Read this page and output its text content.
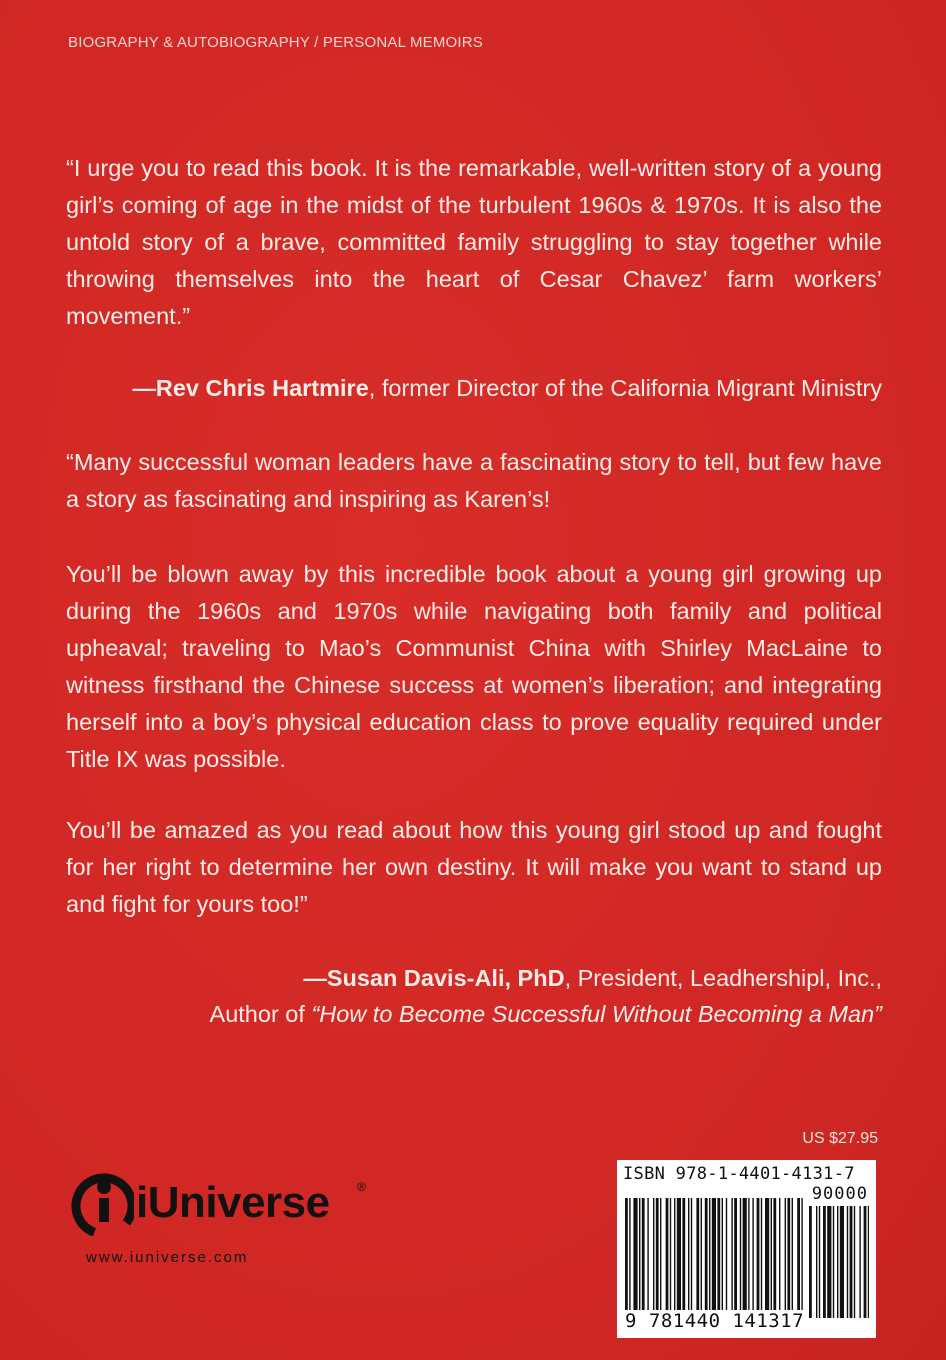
BIOGRAPHY & AUTOBIOGRAPHY / PERSONAL MEMOIRS
“I urge you to read this book. It is the remarkable, well-written story of a young girl’s coming of age in the midst of the turbulent 1960s & 1970s. It is also the untold story of a brave, committed family struggling to stay together while throwing themselves into the heart of Cesar Chavez’ farm workers’ movement.”
—Rev Chris Hartmire, former Director of the California Migrant Ministry
“Many successful woman leaders have a fascinating story to tell, but few have a story as fascinating and inspiring as Karen’s!
You’ll be blown away by this incredible book about a young girl growing up during the 1960s and 1970s while navigating both family and political upheaval; traveling to Mao’s Communist China with Shirley MacLaine to witness firsthand the Chinese success at women’s liberation; and integrating herself into a boy’s physical education class to prove equality required under Title IX was possible.
You’ll be amazed as you read about how this young girl stood up and fought for her right to determine her own destiny. It will make you want to stand up and fight for yours too!”
—Susan Davis-Ali, PhD, President, Leadhershipl, Inc.,
Author of “How to Become Successful Without Becoming a Man”
US $27.95
iUniverse ®
www.iuniverse.com
ISBN 978-1-4401-4131-7
90000
9 781440 141317
